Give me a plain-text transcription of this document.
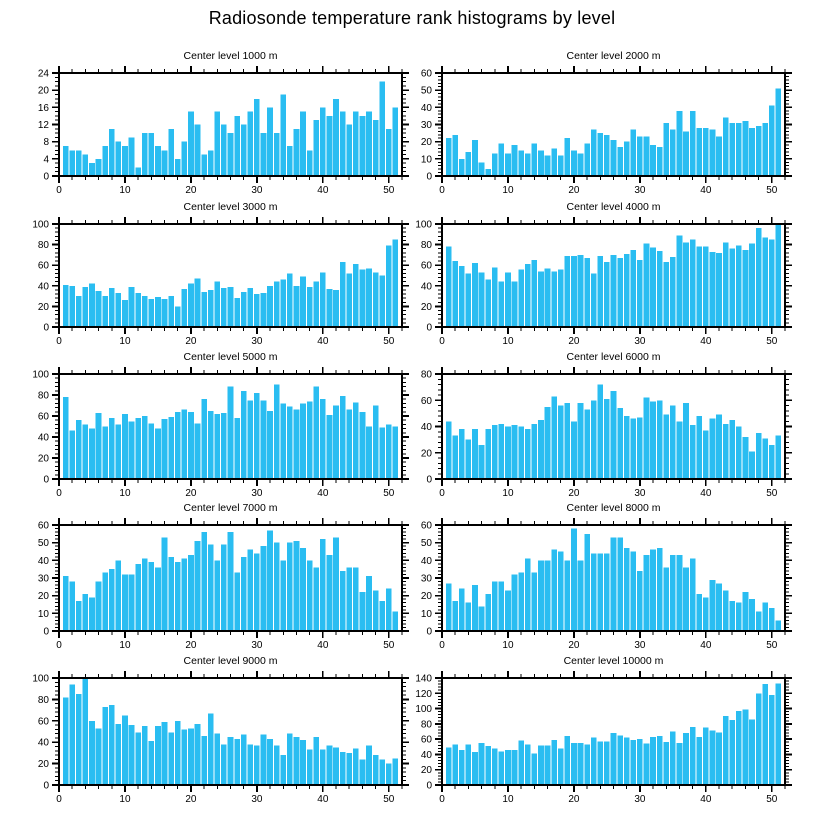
Radiosonde temperature rank histograms by level
Center level 1000 m
0	10	20	30	40	50
0
4
8
12
16
20
24
Center level 2000 m
0	10	20	30	40	50
0
10
20
30
40
50
60
Center level 3000 m
0	10	20	30	40	50
0
20
40
60
80
100
Center level 4000 m
0	10	20	30	40	50
0
20
40
60
80
100
Center level 5000 m
0	10	20	30	40	50
0
20
40
60
80
100
Center level 6000 m
0	10	20	30	40	50
0
20
40
60
80
Center level 7000 m
0	10	20	30	40	50
0
10
20
30
40
50
60
Center level 8000 m
0	10	20	30	40	50
0
10
20
30
40
50
60
Center level 9000 m
0	10	20	30	40	50
0
20
40
60
80
100
Center level 10000 m
0	10	20	30	40	50
0
20
40
60
80
100
120
140
